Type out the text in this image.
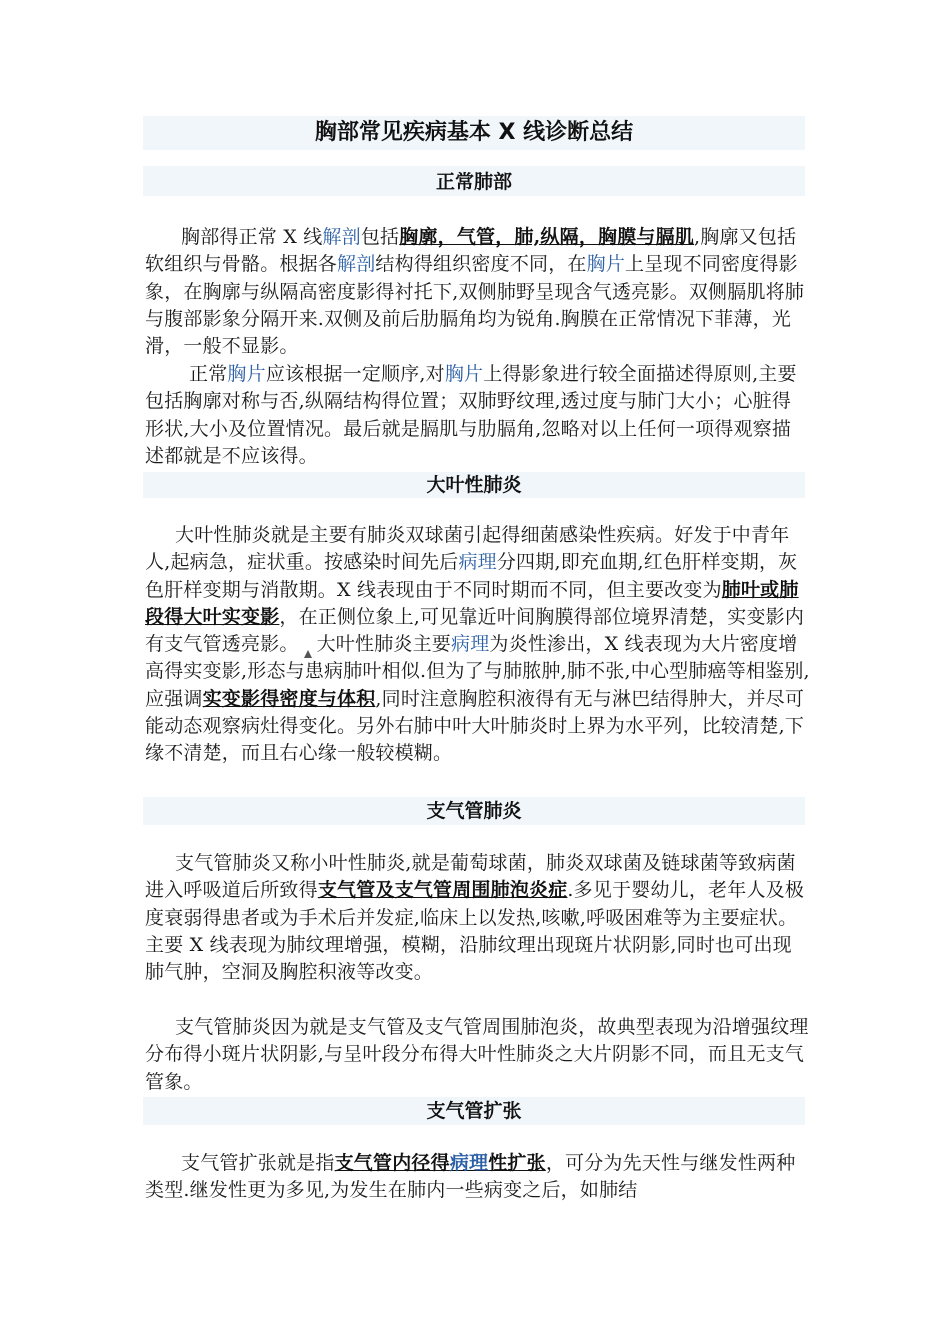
胸部常见疾病基本 X 线诊断总结
正常肺部
胸部得正常 X 线解剖包括胸廓，气管，肺,纵隔，胸膜与膈肌,胸廓又包括软组织与骨骼。根据各解剖结构得组织密度不同，在胸片上呈现不同密度得影象，在胸廓与纵隔高密度影得衬托下,双侧肺野呈现含气透亮影。双侧膈肌将肺与腹部影象分隔开来.双侧及前后肋膈角均为锐角.胸膜在正常情况下菲薄，光滑，一般不显影。
正常胸片应该根据一定顺序,对胸片上得影象进行较全面描述得原则,主要包括胸廓对称与否,纵隔结构得位置；双肺野纹理,透过度与肺门大小；心脏得形状,大小及位置情况。最后就是膈肌与肋膈角,忽略对以上任何一项得观察描述都就是不应该得。
大叶性肺炎
大叶性肺炎就是主要有肺炎双球菌引起得细菌感染性疾病。好发于中青年人,起病急，症状重。按感染时间先后病理分四期,即充血期,红色肝样变期，灰色肝样变期与消散期。X 线表现由于不同时期而不同，但主要改变为肺叶或肺段得大叶实变影，在正侧位象上,可见靠近叶间胸膜得部位境界清楚，实变影内有支气管透亮影。 大叶性肺炎主要病理为炎性渗出，X 线表现为大片密度增高得实变影,形态与患病肺叶相似.但为了与肺脓肿,肺不张,中心型肺癌等相鉴别,应强调实变影得密度与体积,同时注意胸腔积液得有无与淋巴结得肿大，并尽可能动态观察病灶得变化。另外右肺中叶大叶肺炎时上界为水平列，比较清楚,下缘不清楚，而且右心缘一般较模糊。
支气管肺炎
支气管肺炎又称小叶性肺炎,就是葡萄球菌，肺炎双球菌及链球菌等致病菌进入呼吸道后所致得支气管及支气管周围肺泡炎症.多见于婴幼儿，老年人及极度衰弱得患者或为手术后并发症,临床上以发热,咳嗽,呼吸困难等为主要症状。主要 X 线表现为肺纹理增强，模糊，沿肺纹理出现斑片状阴影,同时也可出现肺气肿，空洞及胸腔积液等改变。
支气管肺炎因为就是支气管及支气管周围肺泡炎，故典型表现为沿增强纹理分布得小斑片状阴影,与呈叶段分布得大叶性肺炎之大片阴影不同，而且无支气管象。
支气管扩张
支气管扩张就是指支气管内径得病理性扩张，可分为先天性与继发性两种类型.继发性更为多见,为发生在肺内一些病变之后，如肺结
